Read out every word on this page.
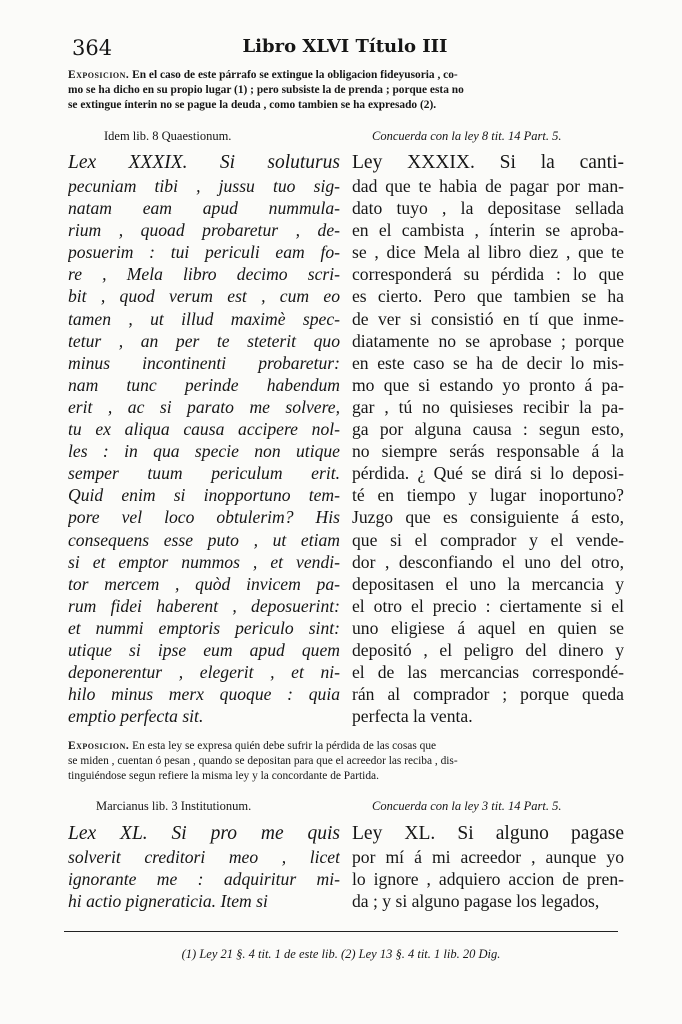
364	Libro XLVI Título III
Exposicion. En el caso de este párrafo se extingue la obligacion fideyusoria , co-
mo se ha dicho en su propio lugar (1) ; pero subsiste la de prenda ; porque esta no
se extingue ínterin no se pague la deuda , como tambien se ha expresado (2).
Idem lib. 8 Quaestionum.	Concuerda con la ley 8 tit. 14 Part. 5.
Lex XXXIX. Si soluturus
pecuniam tibi , jussu tuo sig-
natam eam apud nummula-
rium , quoad probaretur , de-
posuerim : tui periculi eam fo-
re , Mela libro decimo scri-
bit , quod verum est , cum eo
tamen , ut illud maximè spec-
tetur , an per te steterit quo
minus incontinenti probaretur:
nam tunc perinde habendum
erit , ac si parato me solvere,
tu ex aliqua causa accipere nol-
les : in qua specie non utique
semper tuum periculum erit.
Quid enim si inopportuno tem-
pore vel loco obtulerim? His
consequens esse puto , ut etiam
si et emptor nummos , et vendi-
tor mercem , quòd invicem pa-
rum fidei haberent , deposuerint:
et nummi emptoris periculo sint:
utique si ipse eum apud quem
deponerentur , elegerit , et ni-
hilo minus merx quoque : quia
emptio perfecta sit.
Ley XXXIX. Si la canti-
dad que te habia de pagar por man-
dato tuyo , la depositase sellada
en el cambista , ínterin se aproba-
se , dice Mela al libro diez , que te
corresponderá su pérdida : lo que
es cierto. Pero que tambien se ha
de ver si consistió en tí que inme-
diatamente no se aprobase ; porque
en este caso se ha de decir lo mis-
mo que si estando yo pronto á pa-
gar , tú no quisieses recibir la pa-
ga por alguna causa : segun esto,
no siempre serás responsable á la
pérdida. ¿ Qué se dirá si lo deposi-
té en tiempo y lugar inoportuno?
Juzgo que es consiguiente á esto,
que si el comprador y el vende-
dor , desconfiando el uno del otro,
depositasen el uno la mercancia y
el otro el precio : ciertamente si el
uno eligiese á aquel en quien se
depositó , el peligro del dinero y
el de las mercancias correspondé-
rán al comprador ; porque queda
perfecta la venta.
Exposicion. En esta ley se expresa quién debe sufrir la pérdida de las cosas que
se miden , cuentan ó pesan , quando se depositan para que el acreedor las reciba , dis-
tinguiéndose segun refiere la misma ley y la concordante de Partida.
Marcianus lib. 3 Institutionum.	Concuerda con la ley 3 tit. 14 Part. 5.
Lex XL. Si pro me quis
solverit creditori meo , licet
ignorante me : adquiritur mi-
hi actio pigneraticia. Item si
Ley XL. Si alguno pagase
por mí á mi acreedor , aunque yo
lo ignore , adquiero accion de pren-
da ; y si alguno pagase los legados,
(1) Ley 21 §. 4 tit. 1 de este lib. (2) Ley 13 §. 4 tit. 1 lib. 20 Dig.
